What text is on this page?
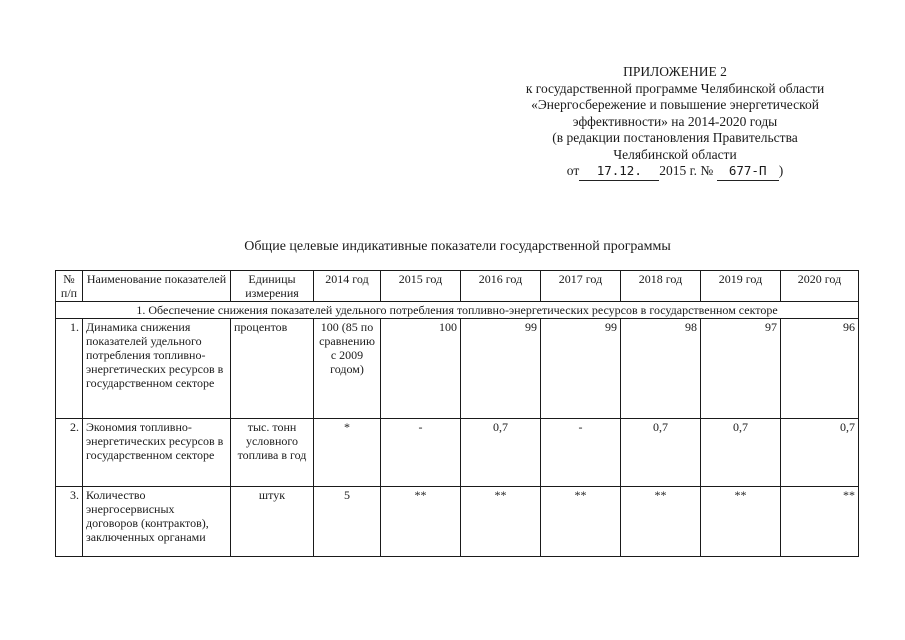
ПРИЛОЖЕНИЕ 2
к государственной программе Челябинской области
«Энергосбережение и повышение энергетической
эффективности» на 2014-2020 годы
(в редакции постановления Правительства
Челябинской области
от 17.12. 2015 г. № 677-П )
Общие целевые индикативные показатели государственной программы
№ п/п	Наименование показателей	Единицы измерения	2014 год	2015 год	2016 год	2017 год	2018 год	2019 год	2020 год
1. Обеспечение снижения показателей удельного потребления топливно-энергетических ресурсов в государственном секторе									
1.	Динамика снижения показателей удельного потребления топливно-энергетических ресурсов в государственном секторе	процентов	100 (85 по сравнению с 2009 годом)	100	99	99	98	97	96
2.	Экономия топливно-энергетических ресурсов в государственном секторе	тыс. тонн условного топлива в год	*	-	0,7	-	0,7	0,7	0,7
3.	Количество энергосервисных договоров (контрактов), заключенных органами	штук	5	**	**	**	**	**	**
